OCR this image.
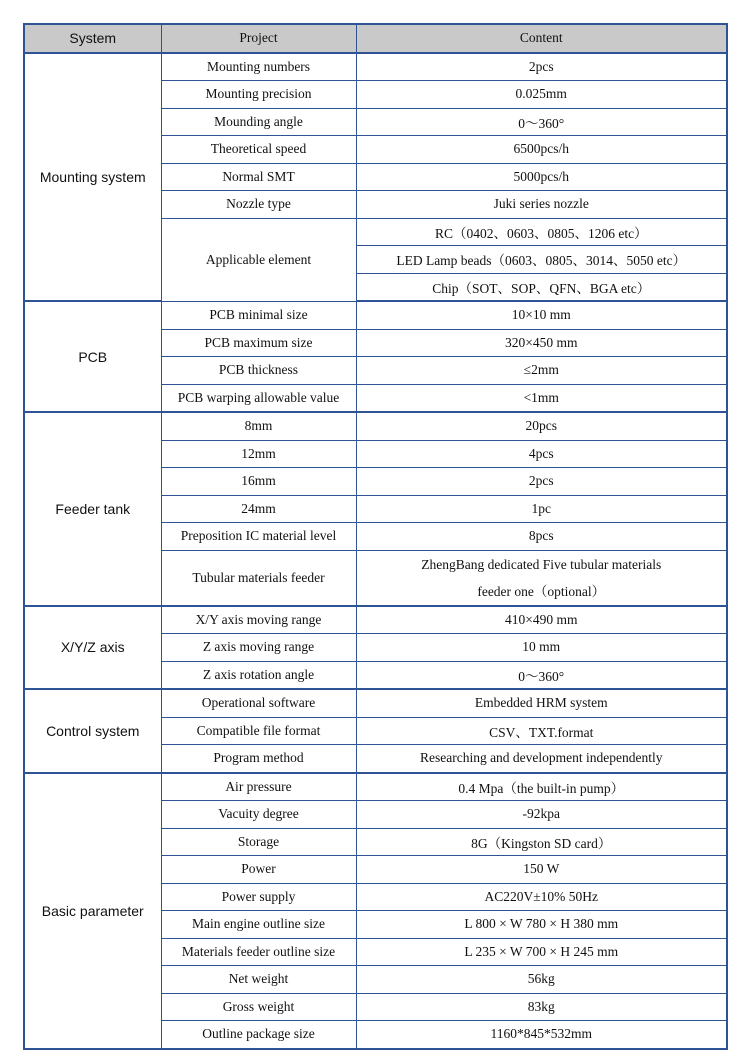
System	Project	Content
Mounting system	Mounting numbers	2pcs

	Mounting precision	0.025mm

	Mounding angle	0～360°

	Theoretical speed	6500pcs/h

	Normal SMT	5000pcs/h

	Nozzle type	Juki series nozzle

	Applicable element	RC（0402、0603、0805、1206 etc）
		LED Lamp beads（0603、0805、3014、5050 etc）
		Chip（SOT、SOP、QFN、BGA etc）
PCB	PCB minimal size	10×10 mm

	PCB maximum size	320×450 mm

	PCB thickness	≤2mm

	PCB warping allowable value	<1mm

Feeder tank	8mm	20pcs

	12mm	4pcs

	16mm	2pcs

	24mm	1pc

	Preposition IC material level	8pcs

	Tubular materials feeder	ZhengBang dedicated Five tubular materials
feeder one（optional）

X/Y/Z axis	X/Y axis moving range	410×490 mm

	Z axis moving range	10 mm

	Z axis rotation angle	0～360°

Control system	Operational software	Embedded HRM system

	Compatible file format	CSV、TXT.format

	Program method	Researching and development independently

Basic parameter	Air pressure	0.4 Mpa（the built-in pump）

	Vacuity degree	-92kpa

	Storage	8G（Kingston SD card）

	Power	150 W

	Power supply	AC220V±10% 50Hz

	Main engine outline size	L 800 × W 780 × H 380 mm

	Materials feeder outline size	L 235 × W 700 × H 245 mm

	Net weight	56kg

	Gross weight	83kg

	Outline package size	1160*845*532mm
